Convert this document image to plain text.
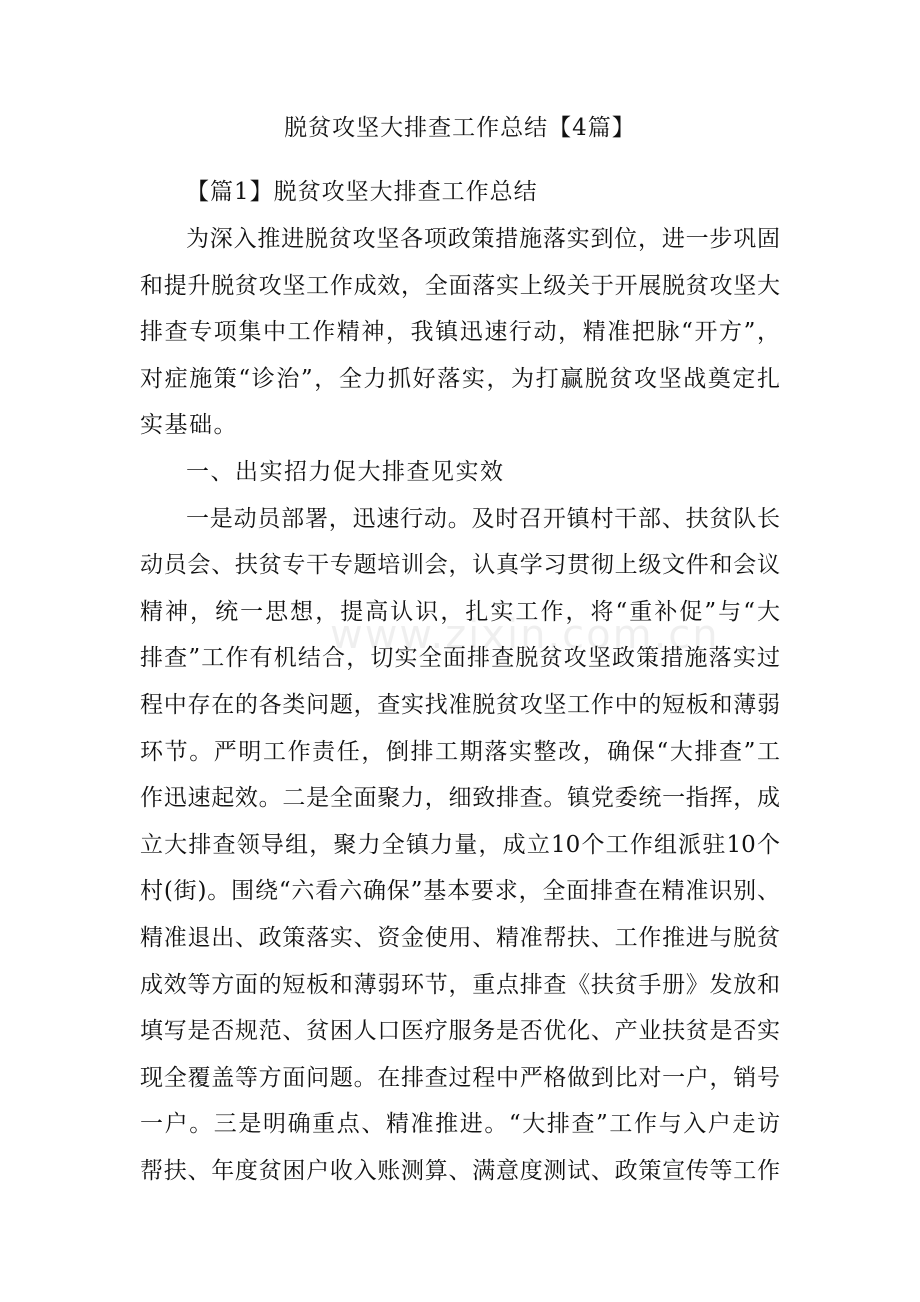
脱贫攻坚大排查工作总结【4篇】
【篇1】脱贫攻坚大排查工作总结
为深入推进脱贫攻坚各项政策措施落实到位，进一步巩固
和提升脱贫攻坚工作成效，全面落实上级关于开展脱贫攻坚大
排查专项集中工作精神，我镇迅速行动，精准把脉“开方”，
对症施策“诊治”，全力抓好落实，为打赢脱贫攻坚战奠定扎
实基础。
一、出实招力促大排查见实效
一是动员部署，迅速行动。及时召开镇村干部、扶贫队长
动员会、扶贫专干专题培训会，认真学习贯彻上级文件和会议
精神，统一思想，提高认识，扎实工作，将“重补促”与“大
排查”工作有机结合，切实全面排查脱贫攻坚政策措施落实过
程中存在的各类问题，查实找准脱贫攻坚工作中的短板和薄弱
环节。严明工作责任，倒排工期落实整改，确保“大排查”工
作迅速起效。二是全面聚力，细致排查。镇党委统一指挥，成
立大排查领导组，聚力全镇力量，成立10个工作组派驻10个
村(街)。围绕“六看六确保”基本要求，全面排查在精准识别、
精准退出、政策落实、资金使用、精准帮扶、工作推进与脱贫
成效等方面的短板和薄弱环节，重点排查《扶贫手册》发放和
填写是否规范、贫困人口医疗服务是否优化、产业扶贫是否实
现全覆盖等方面问题。在排查过程中严格做到比对一户，销号
一户。三是明确重点、精准推进。“大排查”工作与入户走访
帮扶、年度贫困户收入账测算、满意度测试、政策宣传等工作
www.zixin.com.cn
